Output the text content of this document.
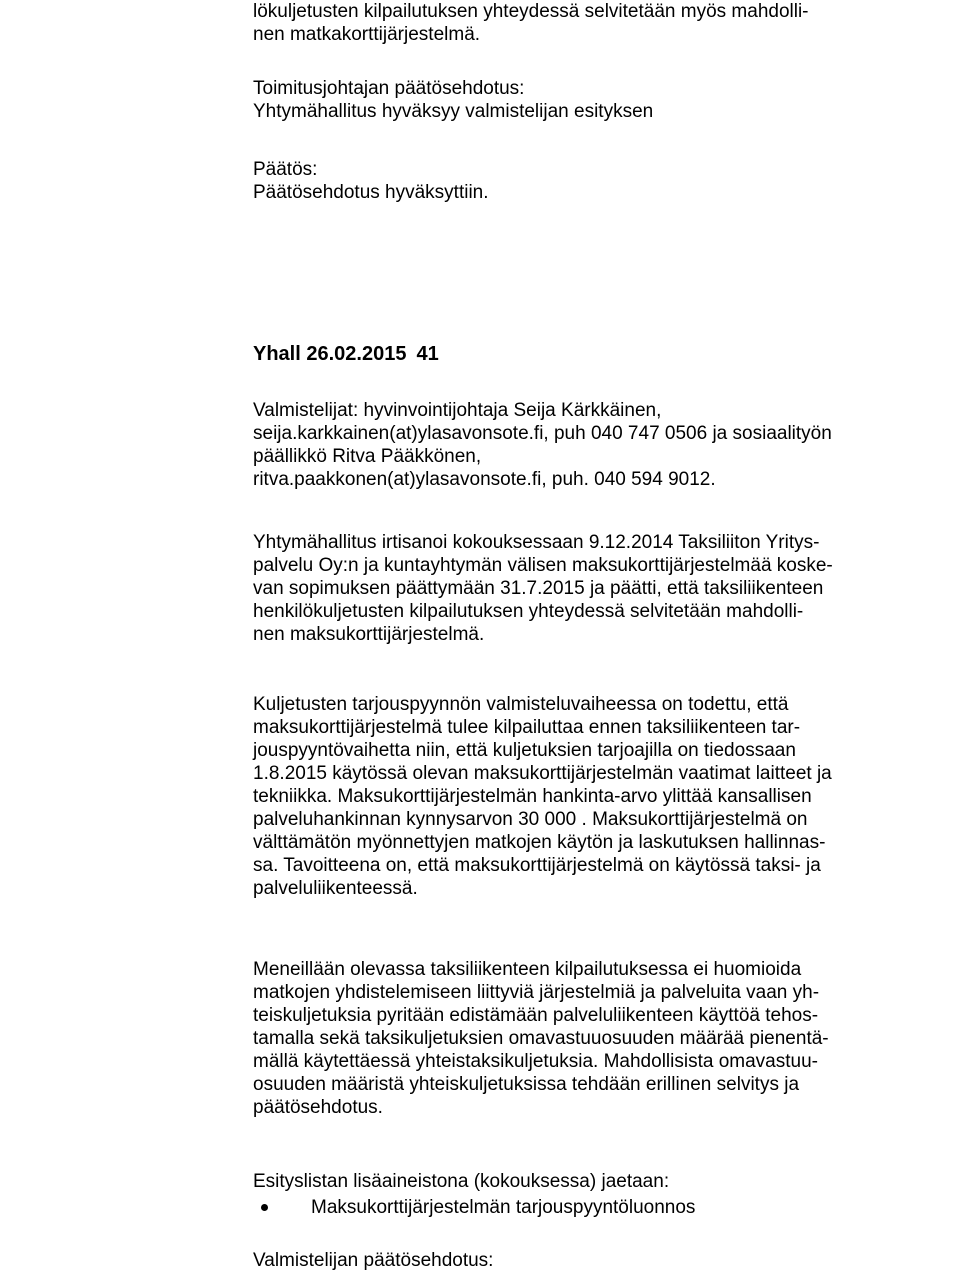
lökuljetusten kilpailutuksen yhteydessä selvitetään myös mahdolli-
nen matkakorttijärjestelmä.
Toimitusjohtajan päätösehdotus:
Yhtymähallitus hyväksyy valmistelijan esityksen
Päätös:
Päätösehdotus hyväksyttiin.
Yhall 26.02.2015 41
Valmistelijat: hyvinvointijohtaja Seija Kärkkäinen,
seija.karkkainen(at)ylasavonsote.fi, puh 040 747 0506 ja sosiaalityön
päällikkö Ritva Pääkkönen,
ritva.paakkonen(at)ylasavonsote.fi, puh. 040 594 9012.
Yhtymähallitus irtisanoi kokouksessaan 9.12.2014 Taksiliiton Yritys-
palvelu Oy:n ja kuntayhtymän välisen maksukorttijärjestelmää koske-
van sopimuksen päättymään 31.7.2015 ja päätti, että taksiliikenteen
henkilökuljetusten kilpailutuksen yhteydessä selvitetään mahdolli-
nen maksukorttijärjestelmä.
Kuljetusten tarjouspyynnön valmisteluvaiheessa on todettu, että
maksukorttijärjestelmä tulee kilpailuttaa ennen taksiliikenteen tar-
jouspyyntövaihetta niin, että kuljetuksien tarjoajilla on tiedossaan
1.8.2015 käytössä olevan maksukorttijärjestelmän vaatimat laitteet ja
tekniikka. Maksukorttijärjestelmän hankinta-arvo ylittää kansallisen
palveluhankinnan kynnysarvon 30 000 . Maksukorttijärjestelmä on
välttämätön myönnettyjen matkojen käytön ja laskutuksen hallinnas-
sa. Tavoitteena on, että maksukorttijärjestelmä on käytössä taksi- ja
palveluliikenteessä.
Meneillään olevassa taksiliikenteen kilpailutuksessa ei huomioida
matkojen yhdistelemiseen liittyviä järjestelmiä ja palveluita vaan yh-
teiskuljetuksia pyritään edistämään palveluliikenteen käyttöä tehos-
tamalla sekä taksikuljetuksien omavastuuosuuden määrää pienentä-
mällä käytettäessä yhteistaksikuljetuksia. Mahdollisista omavastuu-
osuuden määristä yhteiskuljetuksissa tehdään erillinen selvitys ja
päätösehdotus.
Esityslistan lisäaineistona (kokouksessa) jaetaan:
Maksukorttijärjestelmän tarjouspyyntöluonnos
Valmistelijan päätösehdotus:
